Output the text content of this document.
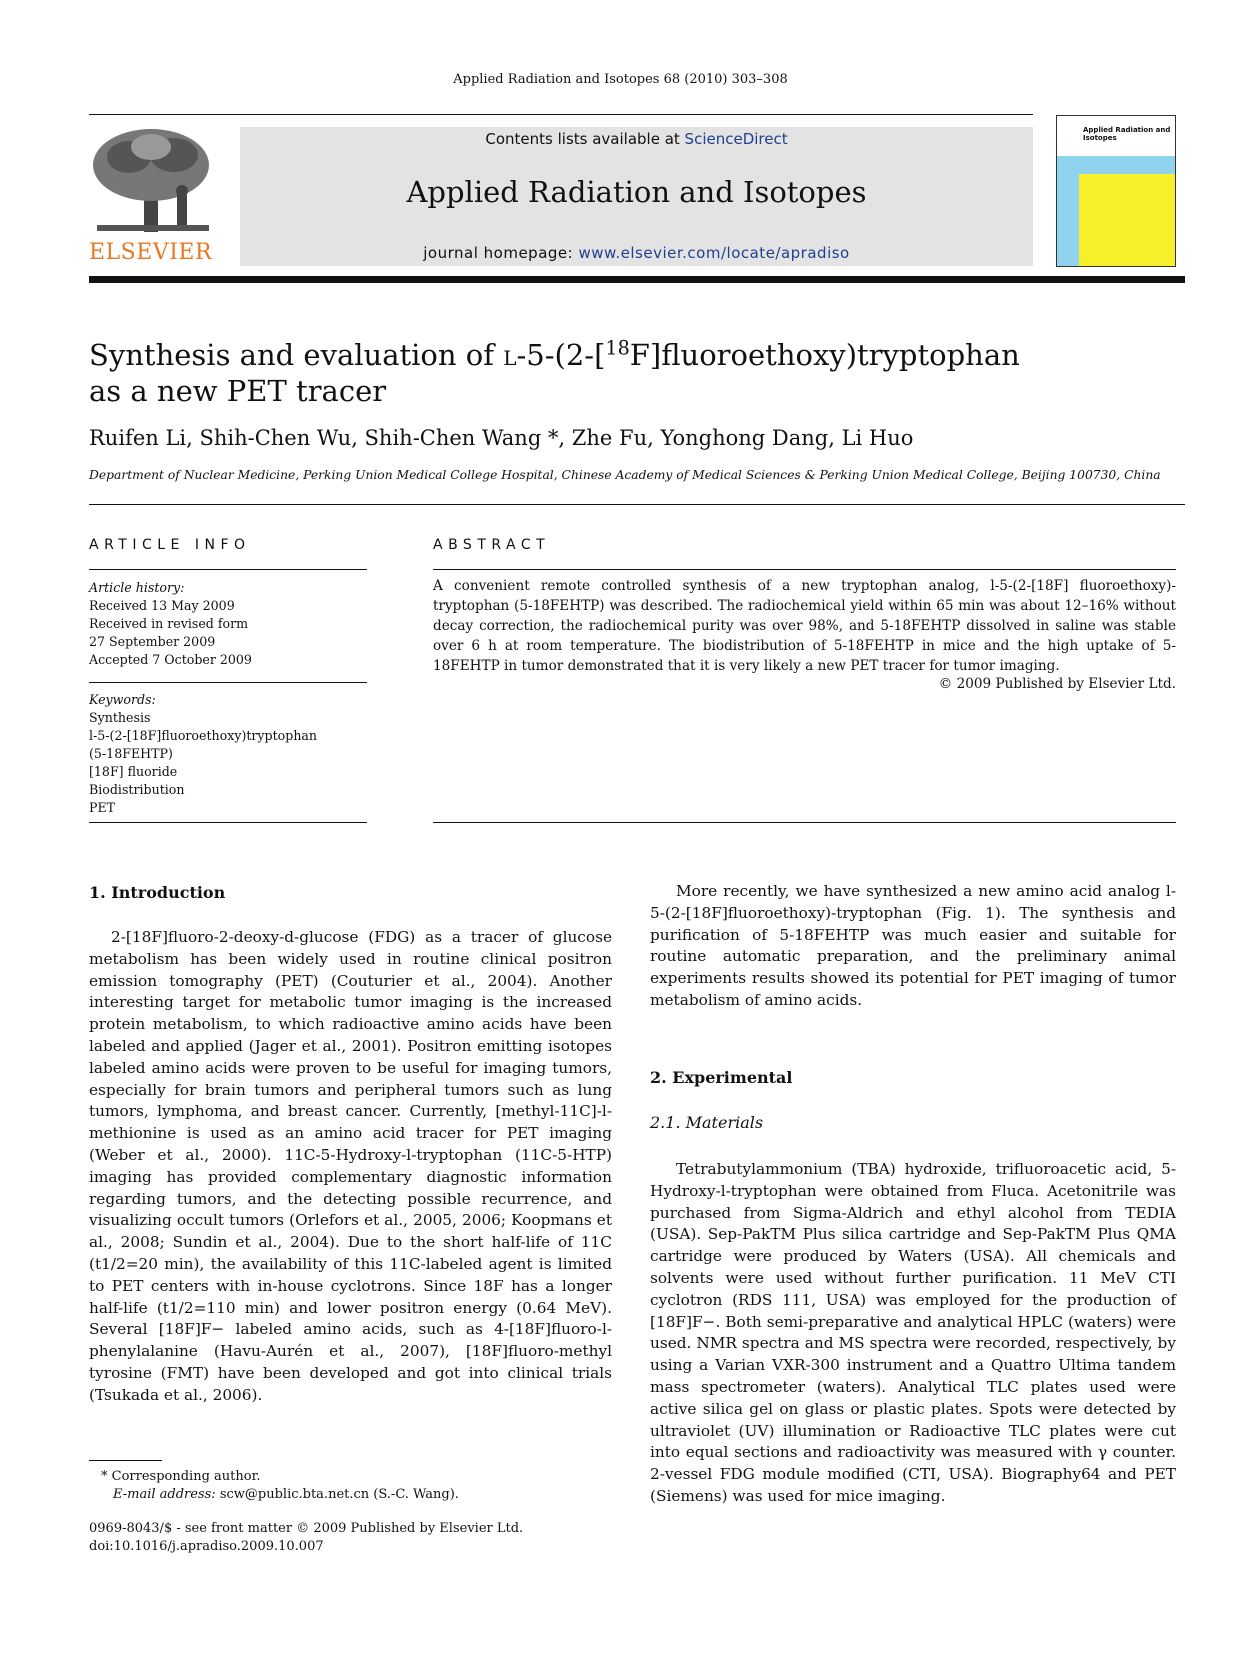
Applied Radiation and Isotopes 68 (2010) 303–308
ELSEVIER
Contents lists available at ScienceDirect
Applied Radiation and Isotopes
journal homepage: www.elsevier.com/locate/apradiso
Applied Radiation and Isotopes
Synthesis and evaluation of l-5-(2-[$^{18}$F]fluoroethoxy)tryptophan
as a new PET tracer
Ruifen Li, Shih-Chen Wu, Shih-Chen Wang *, Zhe Fu, Yonghong Dang, Li Huo
Department of Nuclear Medicine, Perking Union Medical College Hospital, Chinese Academy of Medical Sciences & Perking Union Medical College, Beijing 100730, China
ARTICLE INFO
Article history:
Received 13 May 2009
Received in revised form
27 September 2009
Accepted 7 October 2009
Keywords:
Synthesis
l-5-(2-[18F]fluoroethoxy)tryptophan
(5-18FEHTP)
[18F] fluoride
Biodistribution
PET
ABSTRACT
A convenient remote controlled synthesis of a new tryptophan analog, l-5-(2-[18F] fluoroethoxy)-tryptophan (5-18FEHTP) was described. The radiochemical yield within 65 min was about 12–16% without decay correction, the radiochemical purity was over 98%, and 5-18FEHTP dissolved in saline was stable over 6 h at room temperature. The biodistribution of 5-18FEHTP in mice and the high uptake of 5-18FEHTP in tumor demonstrated that it is very likely a new PET tracer for tumor imaging.
© 2009 Published by Elsevier Ltd.
1. Introduction
2-[18F]fluoro-2-deoxy-d-glucose (FDG) as a tracer of glucose metabolism has been widely used in routine clinical positron emission tomography (PET) (Couturier et al., 2004). Another interesting target for metabolic tumor imaging is the increased protein metabolism, to which radioactive amino acids have been labeled and applied (Jager et al., 2001). Positron emitting isotopes labeled amino acids were proven to be useful for imaging tumors, especially for brain tumors and peripheral tumors such as lung tumors, lymphoma, and breast cancer. Currently, [methyl-11C]-l-methionine is used as an amino acid tracer for PET imaging (Weber et al., 2000). 11C-5-Hydroxy-l-tryptophan (11C-5-HTP) imaging has provided complementary diagnostic information regarding tumors, and the detecting possible recurrence, and visualizing occult tumors (Orlefors et al., 2005, 2006; Koopmans et al., 2008; Sundin et al., 2004). Due to the short half-life of 11C (t1/2=20 min), the availability of this 11C-labeled agent is limited to PET centers with in-house cyclotrons. Since 18F has a longer half-life (t1/2=110 min) and lower positron energy (0.64 MeV). Several [18F]F− labeled amino acids, such as 4-[18F]fluoro-l-phenylalanine (Havu-Aurén et al., 2007), [18F]fluoro-methyl tyrosine (FMT) have been developed and got into clinical trials (Tsukada et al., 2006).
More recently, we have synthesized a new amino acid analog l-5-(2-[18F]fluoroethoxy)-tryptophan (Fig. 1). The synthesis and purification of 5-18FEHTP was much easier and suitable for routine automatic preparation, and the preliminary animal experiments results showed its potential for PET imaging of tumor metabolism of amino acids.
2. Experimental
2.1. Materials
Tetrabutylammonium (TBA) hydroxide, trifluoroacetic acid, 5-Hydroxy-l-tryptophan were obtained from Fluca. Acetonitrile was purchased from Sigma-Aldrich and ethyl alcohol from TEDIA (USA). Sep-PakTM Plus silica cartridge and Sep-PakTM Plus QMA cartridge were produced by Waters (USA). All chemicals and solvents were used without further purification. 11 MeV CTI cyclotron (RDS 111, USA) was employed for the production of [18F]F−. Both semi-preparative and analytical HPLC (waters) were used. NMR spectra and MS spectra were recorded, respectively, by using a Varian VXR-300 instrument and a Quattro Ultima tandem mass spectrometer (waters). Analytical TLC plates used were active silica gel on glass or plastic plates. Spots were detected by ultraviolet (UV) illumination or Radioactive TLC plates were cut into equal sections and radioactivity was measured with γ counter. 2-vessel FDG module modified (CTI, USA). Biography64 and PET (Siemens) was used for mice imaging.
* Corresponding author.
E-mail address: scw@public.bta.net.cn (S.-C. Wang).
0969-8043/$ - see front matter © 2009 Published by Elsevier Ltd.
doi:10.1016/j.apradiso.2009.10.007
